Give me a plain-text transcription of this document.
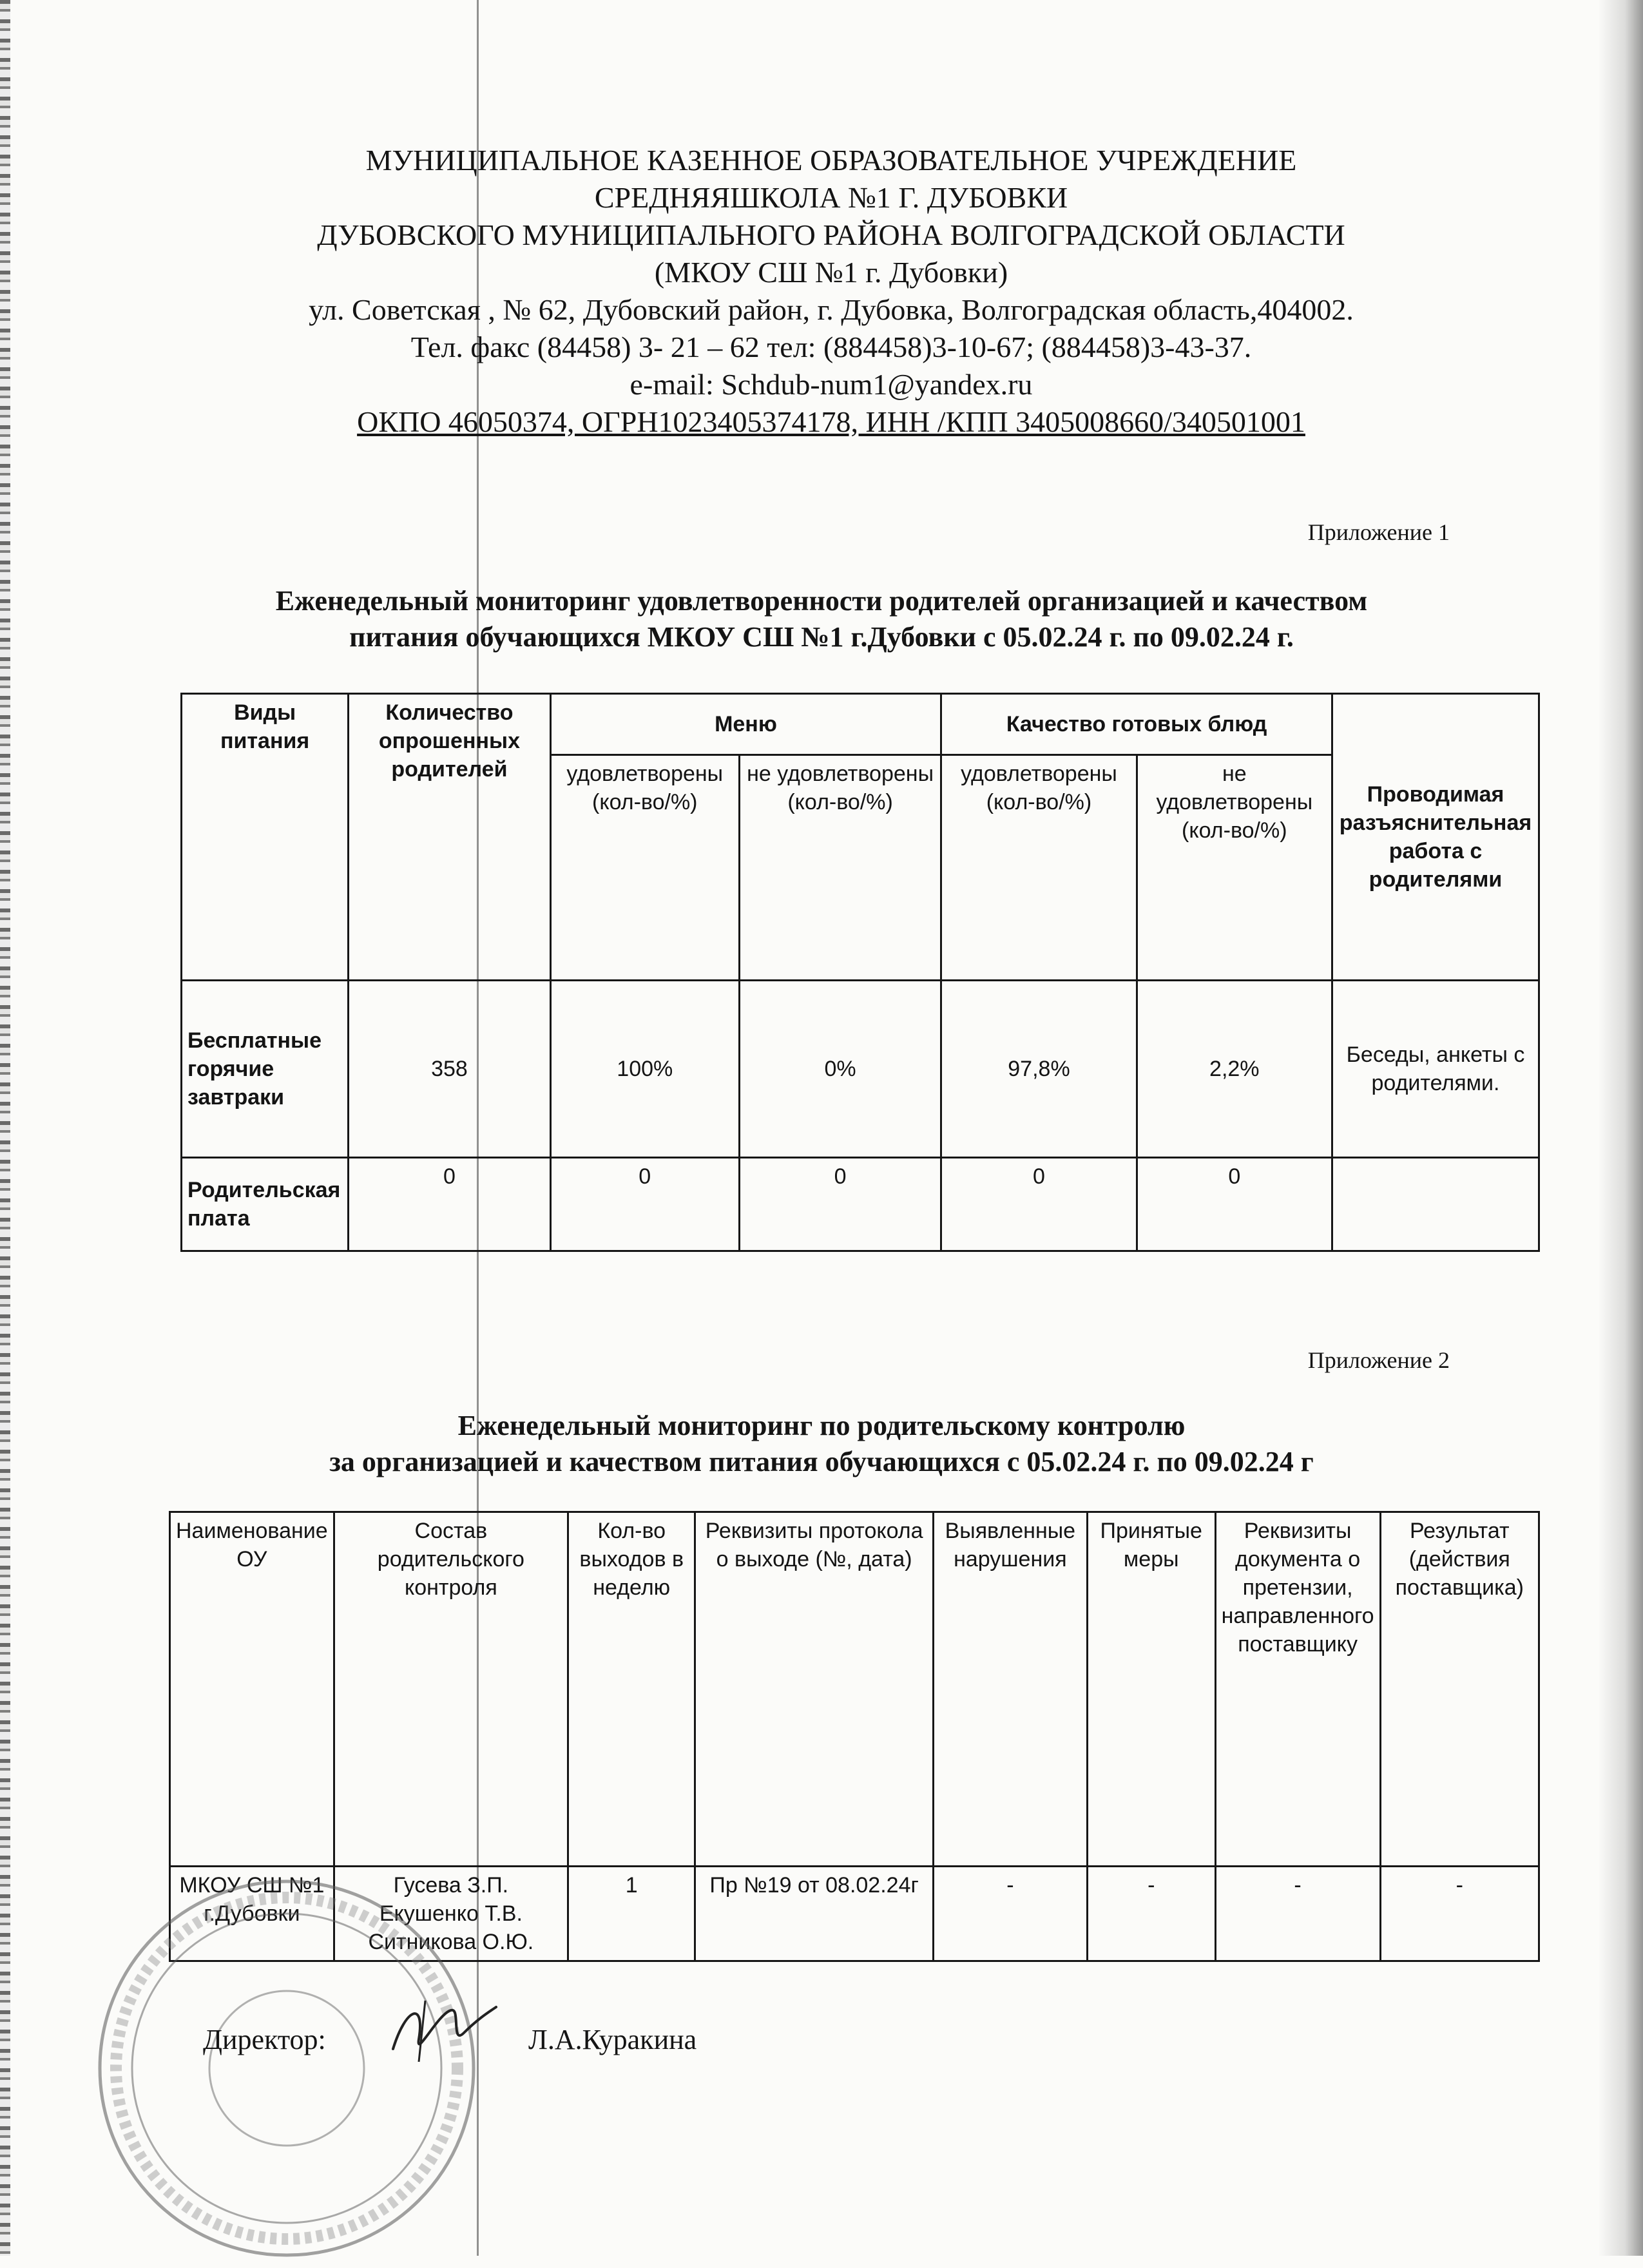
МУНИЦИПАЛЬНОЕ КАЗЕННОЕ ОБРАЗОВАТЕЛЬНОЕ УЧРЕЖДЕНИЕ
СРЕДНЯЯШКОЛА №1 Г. ДУБОВКИ
ДУБОВСКОГО МУНИЦИПАЛЬНОГО РАЙОНА ВОЛГОГРАДСКОЙ ОБЛАСТИ
(МКОУ СШ №1 г. Дубовки)
ул. Советская , № 62, Дубовский район, г. Дубовка, Волгоградская область,404002.
Тел. факс (84458) 3- 21 – 62 тел: (884458)3-10-67; (884458)3-43-37.
e-mail: Schdub-num1@yandex.ru
ОКПО 46050374, ОГРН1023405374178, ИНН /КПП 3405008660/340501001
Приложение 1
Еженедельный мониторинг удовлетворенности родителей организацией и качеством
питания обучающихся МКОУ СШ №1 г.Дубовки с 05.02.24 г. по 09.02.24 г.
Виды питания	Количество опрошенных родителей	Меню		Качество готовых блюд		Проводимая разъяснительная работа с родителями
		удовлетворены (кол-во/%)	не удовлетворены (кол-во/%)	удовлетворены (кол-во/%)	не удовлетворены (кол-во/%)	
Бесплатные горячие завтраки	358	100%	0%	97,8%	2,2%	Беседы, анкеты с родителями.
Родительская плата	0	0	0	0	0	
Приложение 2
Еженедельный мониторинг по родительскому контролю
за организацией и качеством питания обучающихся с 05.02.24 г. по 09.02.24 г
Наименование ОУ	Состав родительского контроля	Кол-во выходов в неделю	Реквизиты протокола о выходе (№, дата)	Выявленные нарушения	Принятые меры	Реквизиты документа о претензии, направленного поставщику	Результат (действия поставщика)
МКОУ СШ №1 г.Дубовки	Гусева З.П.
Екушенко Т.В.
Ситникова О.Ю.	1	Пр №19 от 08.02.24г	-	-	-	-
Директор:	Л.А.Куракина
